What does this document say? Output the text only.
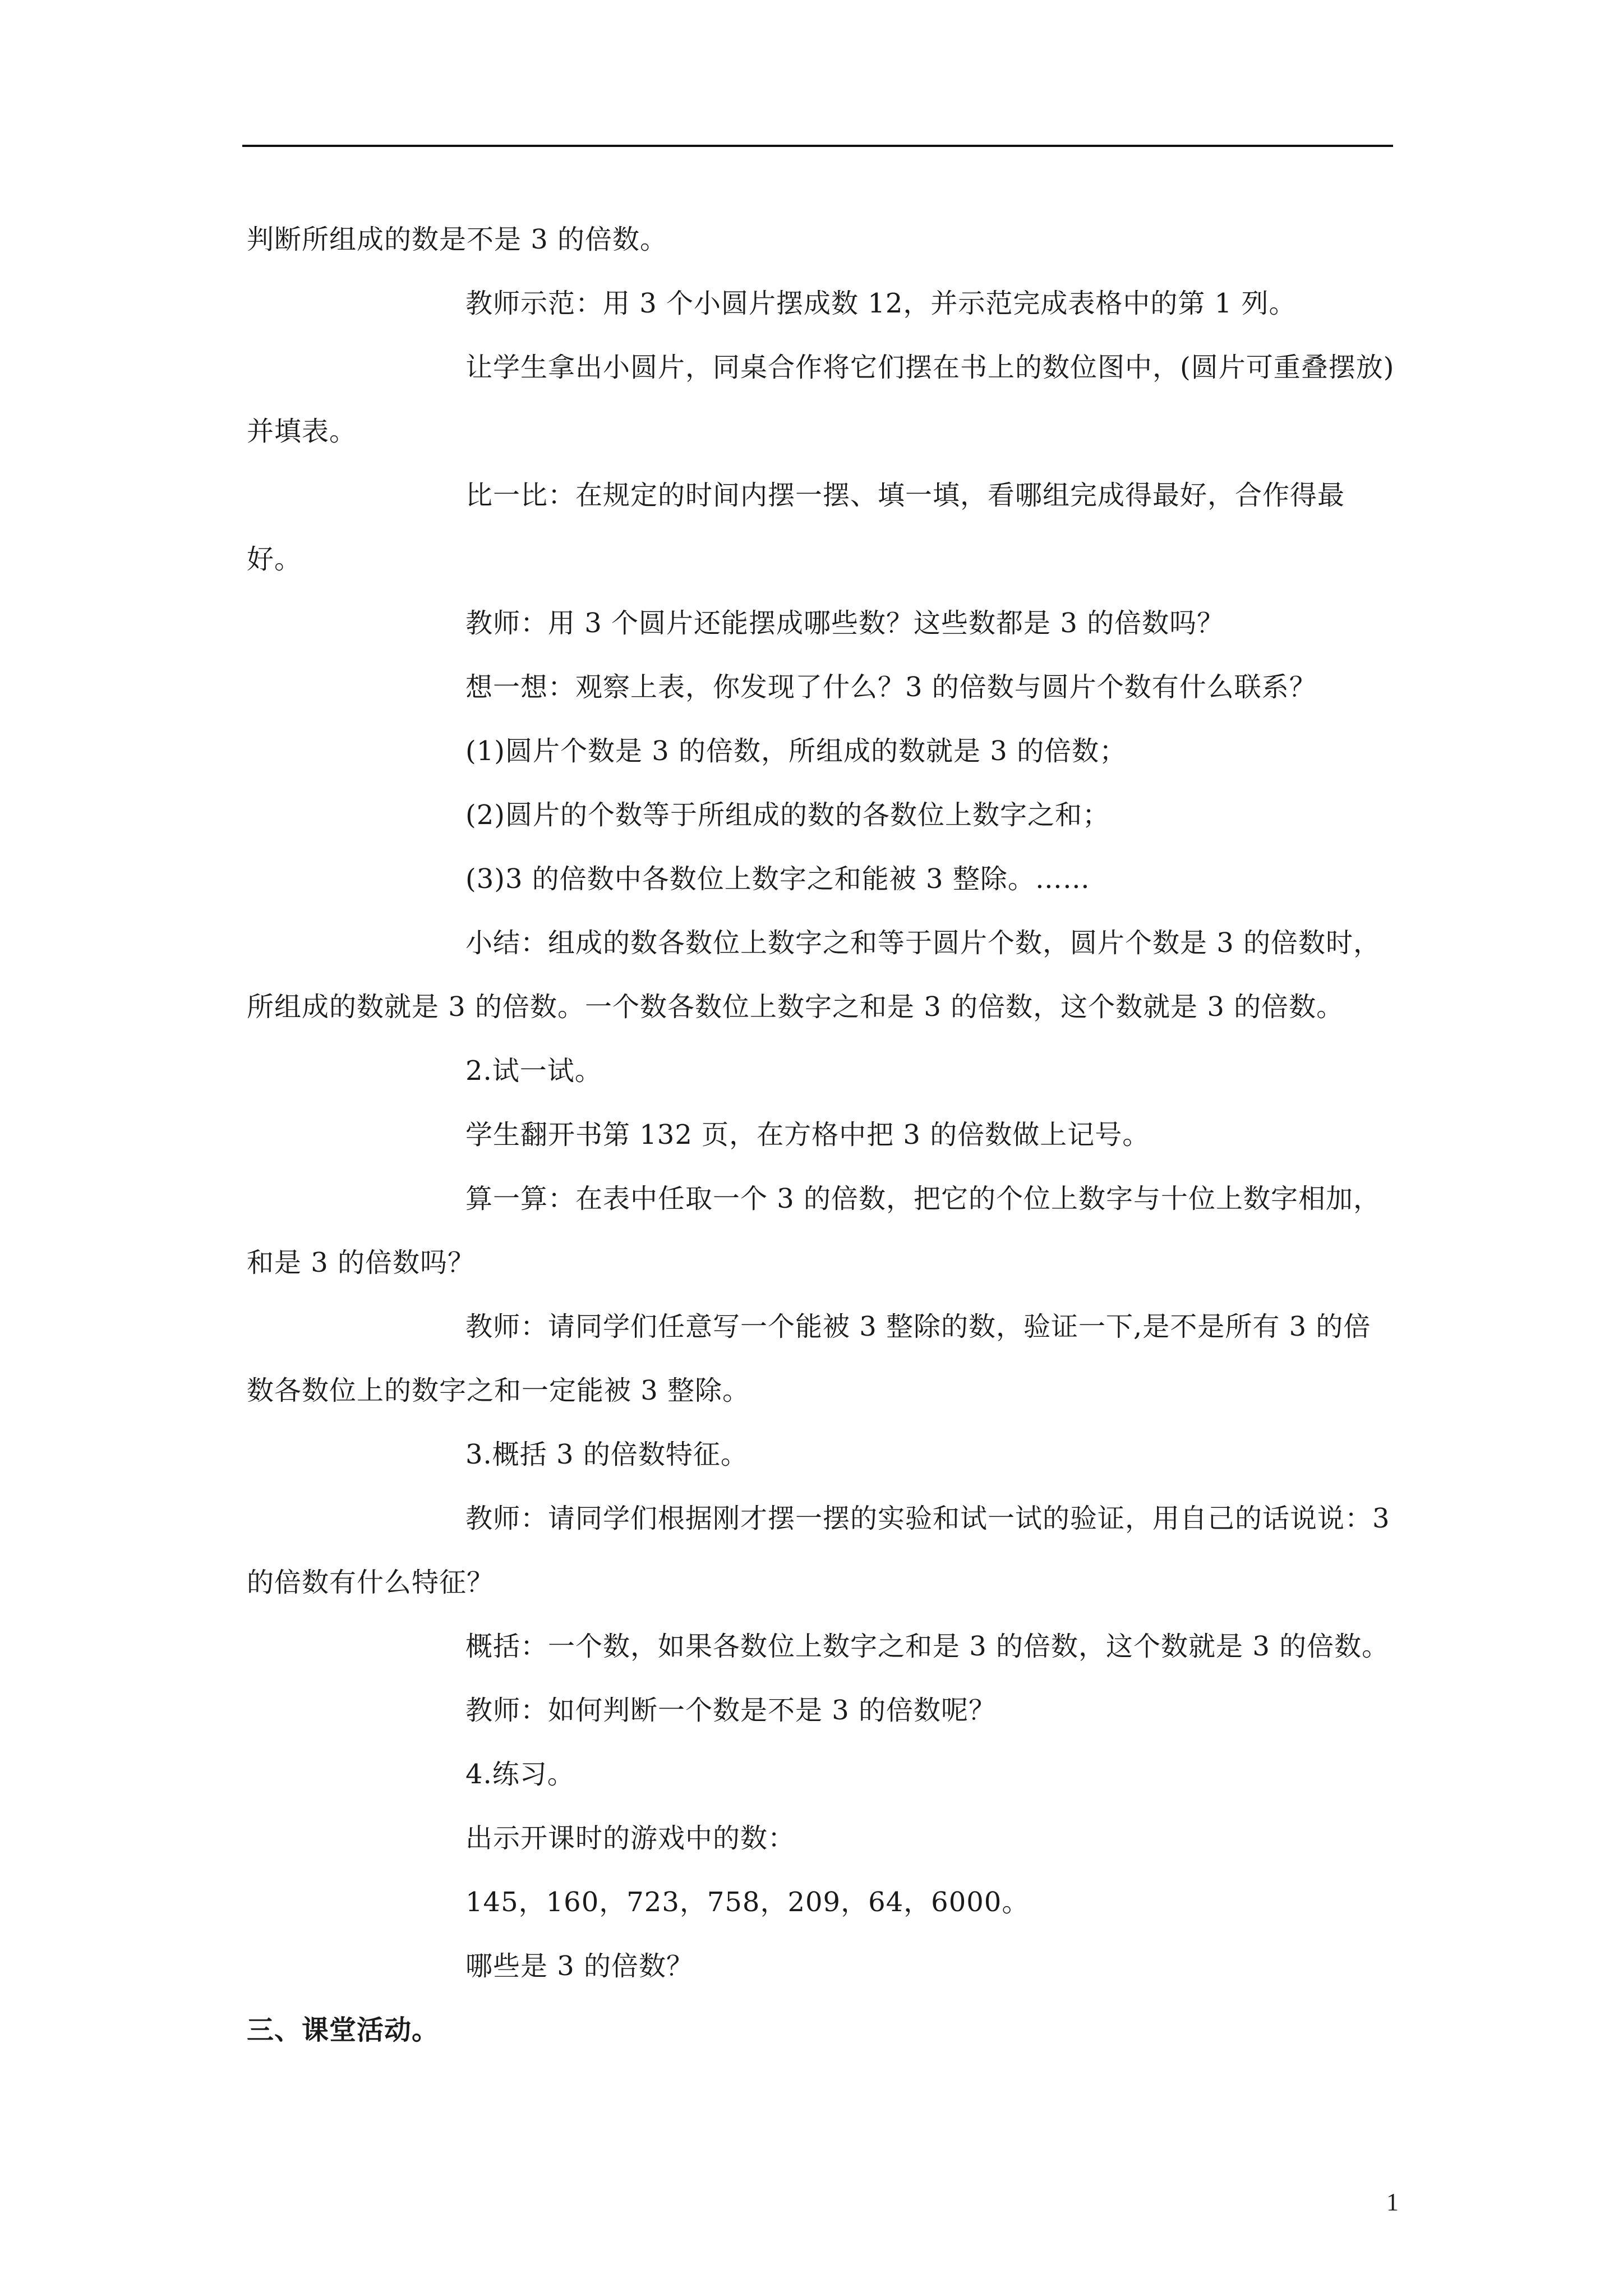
判断所组成的数是不是 3 的倍数。

教师示范：用 3 个小圆片摆成数 12，并示范完成表格中的第 1 列。

让学生拿出小圆片，同桌合作将它们摆在书上的数位图中，(圆片可重叠摆放)并填表。

比一比：在规定的时间内摆一摆、填一填，看哪组完成得最好，合作得最好。

教师：用 3 个圆片还能摆成哪些数？这些数都是 3 的倍数吗？

想一想：观察上表，你发现了什么？3 的倍数与圆片个数有什么联系？

(1)圆片个数是 3 的倍数，所组成的数就是 3 的倍数；

(2)圆片的个数等于所组成的数的各数位上数字之和；

(3)3 的倍数中各数位上数字之和能被 3 整除。……

小结：组成的数各数位上数字之和等于圆片个数，圆片个数是 3 的倍数时，所组成的数就是 3 的倍数。一个数各数位上数字之和是 3 的倍数，这个数就是 3 的倍数。

2.试一试。

学生翻开书第 132 页，在方格中把 3 的倍数做上记号。

算一算：在表中任取一个 3 的倍数，把它的个位上数字与十位上数字相加，和是 3 的倍数吗？

教师：请同学们任意写一个能被 3 整除的数，验证一下,是不是所有 3 的倍数各数位上的数字之和一定能被 3 整除。

3.概括 3 的倍数特征。

教师：请同学们根据刚才摆一摆的实验和试一试的验证，用自己的话说说：3 的倍数有什么特征？

概括：一个数，如果各数位上数字之和是 3 的倍数，这个数就是 3 的倍数。

教师：如何判断一个数是不是 3 的倍数呢？

4.练习。

出示开课时的游戏中的数：

145，160，723，758，209，64，6000。

哪些是 3 的倍数？

三、课堂活动。

1
